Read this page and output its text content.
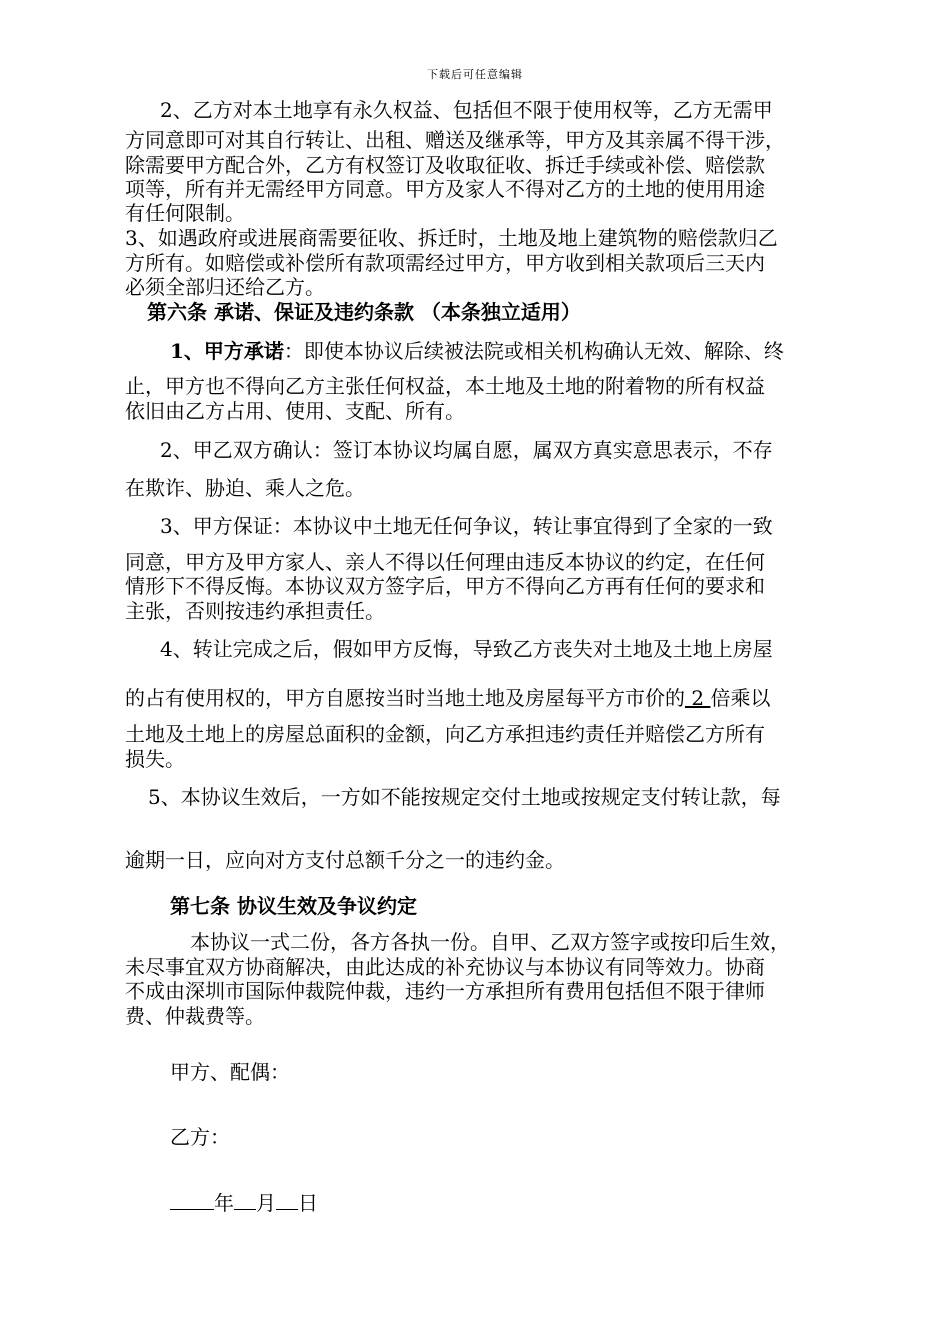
下载后可任意编辑
2、乙方对本土地享有永久权益、包括但不限于使用权等，乙方无需甲
方同意即可对其自行转让、出租、赠送及继承等，甲方及其亲属不得干涉，
除需要甲方配合外，乙方有权签订及收取征收、拆迁手续或补偿、赔偿款
项等，所有并无需经甲方同意。甲方及家人不得对乙方的土地的使用用途
有任何限制。
3、如遇政府或进展商需要征收、拆迁时，土地及地上建筑物的赔偿款归乙
方所有。如赔偿或补偿所有款项需经过甲方，甲方收到相关款项后三天内
必须全部归还给乙方。
第六条 承诺、保证及违约条款 （本条独立适用）
1、甲方承诺：即使本协议后续被法院或相关机构确认无效、解除、终
止，甲方也不得向乙方主张任何权益，本土地及土地的附着物的所有权益
依旧由乙方占用、使用、支配、所有。
2、甲乙双方确认：签订本协议均属自愿，属双方真实意思表示，不存
在欺诈、胁迫、乘人之危。
3、甲方保证：本协议中土地无任何争议，转让事宜得到了全家的一致
同意，甲方及甲方家人、亲人不得以任何理由违反本协议的约定，在任何
情形下不得反悔。本协议双方签字后，甲方不得向乙方再有任何的要求和
主张，否则按违约承担责任。
4、转让完成之后，假如甲方反悔，导致乙方丧失对土地及土地上房屋
的占有使用权的，甲方自愿按当时当地土地及房屋每平方市价的 2 倍乘以
土地及土地上的房屋总面积的金额，向乙方承担违约责任并赔偿乙方所有
损失。
5、本协议生效后，一方如不能按规定交付土地或按规定支付转让款，每
逾期一日，应向对方支付总额千分之一的违约金。
第七条 协议生效及争议约定
本协议一式二份，各方各执一份。自甲、乙双方签字或按印后生效，
未尽事宜双方协商解决，由此达成的补充协议与本协议有同等效力。协商
不成由深圳市国际仲裁院仲裁，违约一方承担所有费用包括但不限于律师
费、仲裁费等。
甲方、配偶：
乙方：
年 月 日
